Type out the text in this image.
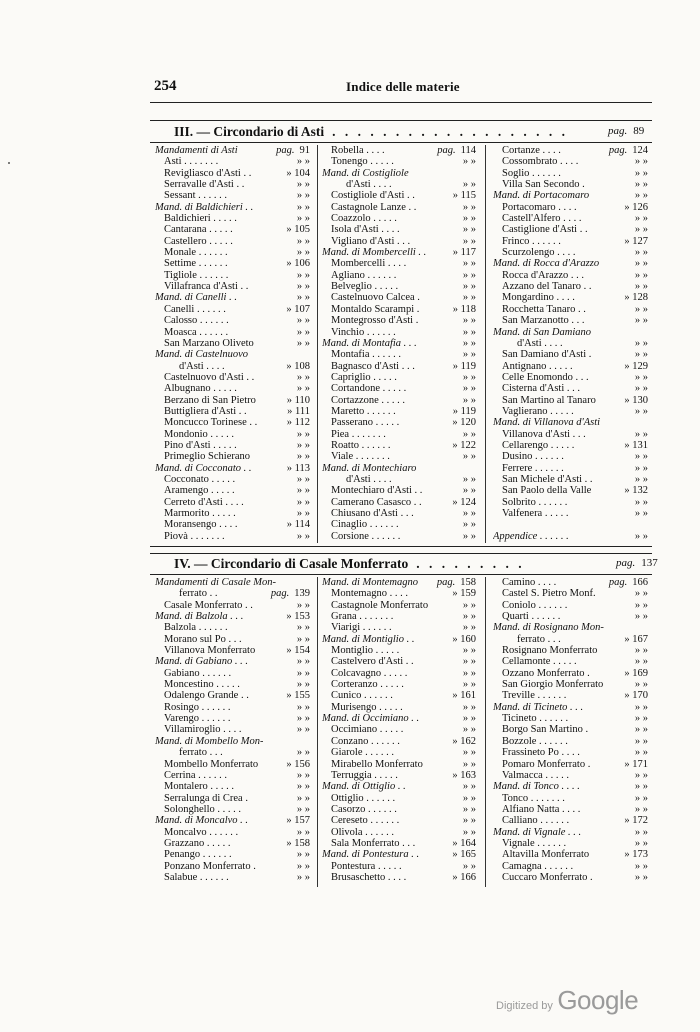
254	Indice delle materie
III. — Circondario di Asti . . . . . . . . . . . . . . . . . . .	pag. 89
Mandamenti di Asti	pag. 91
Asti . . . . . . .	» »
Revigliasco d'Asti . .	» 104
Serravalle d'Asti . .	» »
Sessant . . . . . .	» »
Mand. di Baldichieri . .	» »
Baldichieri . . . . .	» »
Cantarana . . . . .	» 105
Castellero . . . . .	» »
Monale . . . . . .	» »
Settime . . . . . .	» 106
Tigliole . . . . . .	» »
Villafranca d'Asti . .	» »
Mand. di Canelli . .	» »
Canelli . . . . . .	» 107
Calosso . . . . . .	» »
Moasca . . . . . .	» »
San Marzano Oliveto	» »
Mand. di Castelnuovo
d'Asti . . . .	» 108
Castelnuovo d'Asti . .	» »
Albugnano . . . . .	» »
Berzano di San Pietro	» 110
Buttigliera d'Asti . .	» 111
Moncucco Torinese . .	» 112
Mondonio . . . . .	» »
Pino d'Asti . . . . .	» »
Primeglio Schierano	» »
Mand. di Cocconato . .	» 113
Cocconato . . . . .	» »
Aramengo . . . . .	» »
Cerreto d'Asti . . . .	» »
Marmorito . . . . .	» »
Moransengo . . . .	» 114
Piovà . . . . . . .	» »
Robella . . . .	pag. 114
Tonengo . . . . .	» »
Mand. di Costigliole
d'Asti . . . .	» »
Costigliole d'Asti . .	» 115
Castagnole Lanze . .	» »
Coazzolo . . . . .	» »
Isola d'Asti . . . .	» »
Vigliano d'Asti . . .	» »
Mand. di Mombercelli . .	» 117
Mombercelli . . . .	» »
Agliano . . . . . .	» »
Belveglio . . . . .	» »
Castelnuovo Calcea .	» »
Montaldo Scarampi .	» 118
Montegrosso d'Asti .	» »
Vinchio . . . . . .	» »
Mand. di Montafia . . .	» »
Montafia . . . . . .	» »
Bagnasco d'Asti . . .	» 119
Capriglio . . . . .	» »
Cortandone . . . . .	» »
Cortazzone . . . . .	» »
Maretto . . . . . .	» 119
Passerano . . . . .	» 120
Piea . . . . . . .	» »
Roatto . . . . . .	» 122
Viale . . . . . . .	» »
Mand. di Montechiaro
d'Asti . . . .	» »
Montechiaro d'Asti . .	» »
Camerano Casasco . .	» 124
Chiusano d'Asti . . .	» »
Cinaglio . . . . . .	» »
Corsione . . . . . .	» »
Cortanze . . . .	pag. 124
Cossombrato . . . .	» »
Soglio . . . . . .	» »
Villa San Secondo .	» »
Mand. di Portacomaro	» »
Portacomaro . . . .	» 126
Castell'Alfero . . . .	» »
Castiglione d'Asti . .	» »
Frinco . . . . . .	» 127
Scurzolengo . . . .	» »
Mand. di Rocca d'Arazzo	» »
Rocca d'Arazzo . . .	» »
Azzano del Tanaro . .	» »
Mongardino . . . .	» 128
Rocchetta Tanaro . .	» »
San Marzanotto . . .	» »
Mand. di San Damiano
d'Asti . . . .	» »
San Damiano d'Asti .	» »
Antignano . . . . .	» 129
Celle Enomondo . . .	» »
Cisterna d'Asti . . .	» »
San Martino al Tanaro	» 130
Vaglierano . . . . .	» »
Mand. di Villanova d'Asti
Villanova d'Asti . . .	» »
Cellarengo . . . . .	» 131
Dusino . . . . . .	» »
Ferrere . . . . . .	» »
San Michele d'Asti . .	» »
San Paolo della Valle	» 132
Solbrito . . . . . .	» »
Valfenera . . . . .	» »
Appendice . . . . . .	» »
IV. — Circondario di Casale Monferrato . . . . . . . . .	pag. 137
Mandamenti di Casale Mon-
ferrato . .	pag. 139
Casale Monferrato . .	» »
Mand. di Balzola . . .	» 153
Balzola . . . . . .	» »
Morano sul Po . . .	» »
Villanova Monferrato	» 154
Mand. di Gabiano . . .	» »
Gabiano . . . . . .	» »
Moncestino . . . . .	» »
Odalengo Grande . .	» 155
Rosingo . . . . . .	» »
Varengo . . . . . .	» »
Villamiroglio . . . .	» »
Mand. di Mombello Mon-
ferrato . . .	» »
Mombello Monferrato	» 156
Cerrina . . . . . .	» »
Montalero . . . . .	» »
Serralunga di Crea .	» »
Solonghello . . . . .	» »
Mand. di Moncalvo . .	» 157
Moncalvo . . . . . .	» »
Grazzano . . . . .	» 158
Penango . . . . . .	» »
Ponzano Monferrato .	» »
Salabue . . . . . .	» »
Mand. di Montemagno pag. 158
Montemagno . . . .	» 159
Castagnole Monferrato	» »
Grana . . . . . . .	» »
Viarigi . . . . . .	» »
Mand. di Montiglio . .	» 160
Montiglio . . . . .	» »
Castelvero d'Asti . .	» »
Colcavagno . . . . .	» »
Corteranzo . . . . .	» »
Cunico . . . . . .	» 161
Murisengo . . . . .	» »
Mand. di Occimiano . .	» »
Occimiano . . . . .	» »
Conzano . . . . . .	» 162
Giarole . . . . . .	» »
Mirabello Monferrato	» »
Terruggia . . . . .	» 163
Mand. di Ottiglio . .	» »
Ottiglio . . . . . .	» »
Casorzo . . . . . .	» »
Cereseto . . . . . .	» »
Olivola . . . . . .	» »
Sala Monferrato . . .	» 164
Mand. di Pontestura . .	» 165
Pontestura . . . . .	» »
Brusaschetto . . . .	» 166
Camino . . . .	pag. 166
Castel S. Pietro Monf.	» »
Coniolo . . . . . .	» »
Quarti . . . . . .	» »
Mand. di Rosignano Mon-
ferrato . . .	» 167
Rosignano Monferrato	» »
Cellamonte . . . . .	» »
Ozzano Monferrato .	» 169
San Giorgio Monferrato	» »
Treville . . . . . .	» 170
Mand. di Ticineto . . .	» »
Ticineto . . . . . .	» »
Borgo San Martino .	» »
Bozzole . . . . . .	» »
Frassineto Po . . . .	» »
Pomaro Monferrato .	» 171
Valmacca . . . . .	» »
Mand. di Tonco . . . .	» »
Tonco . . . . . . .	» »
Alfiano Natta . . . .	» »
Calliano . . . . . .	» 172
Mand. di Vignale . . .	» »
Vignale . . . . . .	» »
Altavilla Monferrato	» 173
Camagna . . . . . .	» »
Cuccaro Monferrato .	» »
Digitized by Google
